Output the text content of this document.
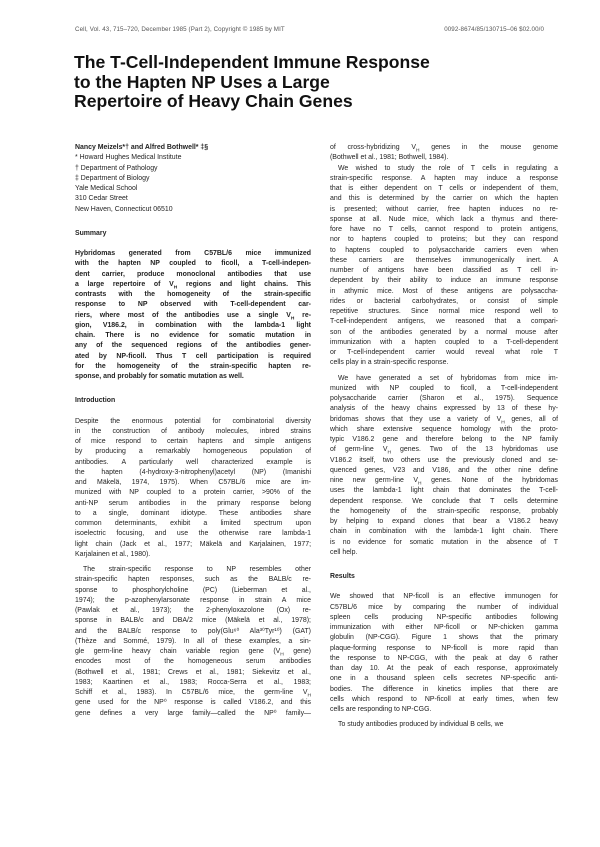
Cell, Vol. 43, 715–720, December 1985 (Part 2), Copyright © 1985 by MIT	0092-8674/85/130715–06 $02.00/0
The T-Cell-Independent Immune Response
to the Hapten NP Uses a Large
Repertoire of Heavy Chain Genes
Nancy Meizels*† and Alfred Bothwell* ‡§
* Howard Hughes Medical Institute
† Department of Pathology
‡ Department of Biology
Yale Medical School
310 Cedar Street
New Haven, Connecticut 06510
Summary
Hybridomas generated from C57BL/6 mice immunized
with the hapten NP coupled to ficoll, a T-cell-indepen-
dent carrier, produce monoclonal antibodies that use
a large repertoire of $V_H$ regions and light chains. This
contrasts with the homogeneity of the strain-specific
response to NP observed with T-cell-dependent car-
riers, where most of the antibodies use a single $V_H$ re-
gion, V186.2, in combination with the lambda-1 light
chain. There is no evidence for somatic mutation in
any of the sequenced regions of the antibodies gener-
ated by NP-ficoll. Thus T cell participation is required
for the homogeneity of the strain-specific hapten re-
sponse, and probably for somatic mutation as well.
Introduction
Despite the enormous potential for combinatorial diversity
in the construction of antibody molecules, inbred strains
of mice respond to certain haptens and simple antigens
by producing a remarkably homogeneous population of
antibodies. A particularly well characterized example is
the hapten (4-hydroxy-3-nitrophenyl)acetyl (NP) (Imanishi
and Mäkelä, 1974, 1975). When C57BL/6 mice are im-
munized with NP coupled to a protein carrier, >90% of the
anti-NP serum antibodies in the primary response belong
to a single, dominant idiotype. These antibodies share
common determinants, exhibit a limited spectrum upon
isoelectric focusing, and use the otherwise rare lambda-1
light chain (Jack et al., 1977; Mäkelä and Karjalainen, 1977;
Karjalainen et al., 1980).
The strain-specific response to NP resembles other
strain-specific hapten responses, such as the BALB/c re-
sponse to phosphorylcholine (PC) (Lieberman et al.,
1974); the p-azophenylarsonate response in strain A mice
(Pawlak et al., 1973); the 2-phenyloxazolone (Ox) re-
sponse in BALB/c and DBA/2 mice (Mäkelä et al., 1978);
and the BALB/c response to poly(Glu⁶⁰ Ala³⁰Tyr¹⁰) (GAT)
(Thèze and Sommé, 1979). In all of these examples, a sin-
gle germ-line heavy chain variable region gene ($V_H$ gene)
encodes most of the homogeneous serum antibodies
(Bothwell et al., 1981; Crews et al., 1981; Siekevitz et al.,
1983; Kaartinen et al., 1983; Rocca-Serra et al., 1983;
Schiff et al., 1983). In C57BL/6 mice, the germ-line $V_H$
gene used for the NP⁰ response is called V186.2, and this
gene defines a very large family—called the NP⁰ family—
of cross-hybridizing $V_H$ genes in the mouse genome
(Bothwell et al., 1981; Bothwell, 1984).
We wished to study the role of T cells in regulating a
strain-specific response. A hapten may induce a response
that is either dependent on T cells or independent of them,
and this is determined by the carrier on which the hapten
is presented; without carrier, free hapten induces no re-
sponse at all. Nude mice, which lack a thymus and there-
fore have no T cells, cannot respond to protein antigens,
nor to haptens coupled to proteins; but they can respond
to haptens coupled to polysaccharide carriers even when
these carriers are themselves immunogenically inert. A
number of antigens have been classified as T cell in-
dependent by their ability to induce an immune response
in athymic mice. Most of these antigens are polysaccha-
rides or bacterial carbohydrates, or consist of simple
repetitive structures. Since normal mice respond well to
T-cell-independent antigens, we reasoned that a compari-
son of the antibodies generated by a normal mouse after
immunization with a hapten coupled to a T-cell-dependent
or T-cell-independent carrier would reveal what role T
cells play in a strain-specific response.
We have generated a set of hybridomas from mice im-
munized with NP coupled to ficoll, a T-cell-independent
polysaccharide carrier (Sharon et al., 1975). Sequence
analysis of the heavy chains expressed by 13 of these hy-
bridomas shows that they use a variety of $V_H$ genes, all of
which share extensive sequence homology with the proto-
typic V186.2 gene and therefore belong to the NP family
of germ-line $V_H$ genes. Two of the 13 hybridomas use
V186.2 itself, two others use the previously cloned and se-
quenced genes, V23 and V186, and the other nine define
nine new germ-line $V_H$ genes. None of the hybridomas
uses the lambda-1 light chain that dominates the T-cell-
dependent response. We conclude that T cells determine
the homogeneity of the strain-specific response, probably
by helping to expand clones that bear a V186.2 heavy
chain in combination with the lambda-1 light chain. There
is no evidence for somatic mutation in the absence of T
cell help.
Results
We showed that NP-ficoll is an effective immunogen for
C57BL/6 mice by comparing the number of individual
spleen cells producing NP-specific antibodies following
immunization with either NP-ficoll or NP-chicken gamma
globulin (NP-CGG). Figure 1 shows that the primary
plaque-forming response to NP-ficoll is more rapid than
the response to NP-CGG, with the peak at day 6 rather
than day 10. At the peak of each response, approximately
one in a thousand spleen cells secretes NP-specific anti-
bodies. The difference in kinetics implies that there are
cells which respond to NP-ficoll at early times, when few
cells are responding to NP-CGG.
To study antibodies produced by individual B cells, we
